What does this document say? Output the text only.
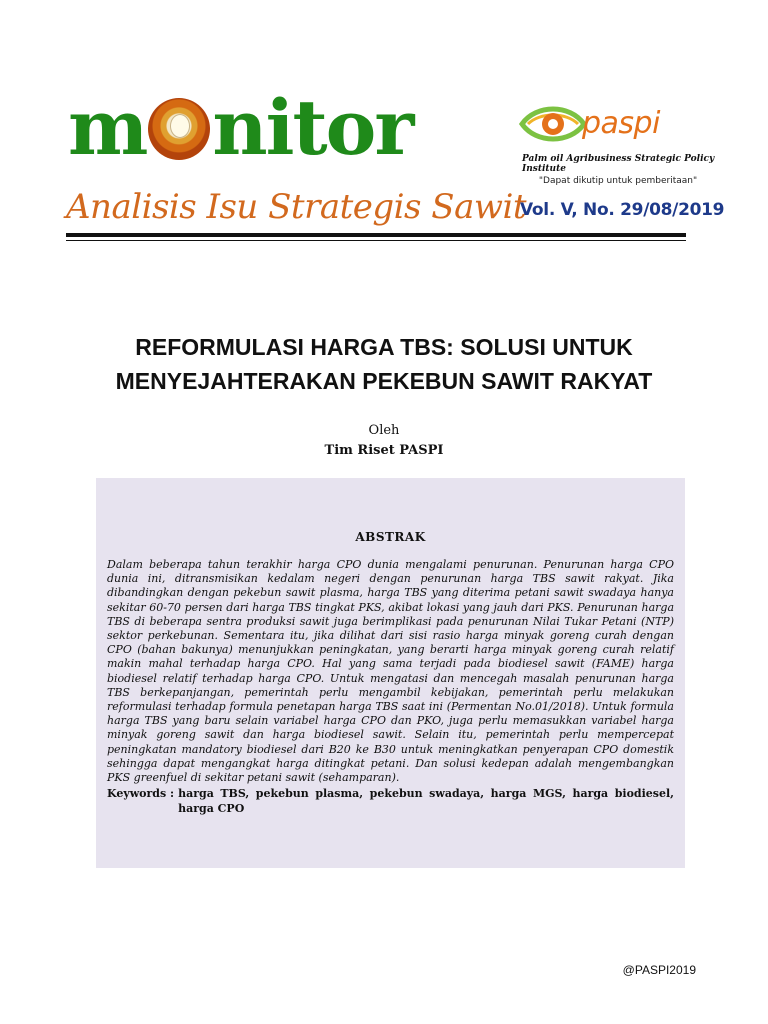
m nitor	paspi
Palm oil Agribusiness Strategic Policy Institute
"Dapat dikutip untuk pemberitaan"
Analisis Isu Strategis Sawit
Vol. V, No. 29/08/2019
REFORMULASI HARGA TBS: SOLUSI UNTUK MENYEJAHTERAKAN PEKEBUN SAWIT RAKYAT
Oleh
Tim Riset PASPI
ABSTRAK

Dalam beberapa tahun terakhir harga CPO dunia mengalami penurunan. Penurunan harga CPO dunia ini, ditransmisikan kedalam negeri dengan penurunan harga TBS sawit rakyat. Jika dibandingkan dengan pekebun sawit plasma, harga TBS yang diterima petani sawit swadaya hanya sekitar 60-70 persen dari harga TBS tingkat PKS, akibat lokasi yang jauh dari PKS. Penurunan harga TBS di beberapa sentra produksi sawit juga berimplikasi pada penurunan Nilai Tukar Petani (NTP) sektor perkebunan. Sementara itu, jika dilihat dari sisi rasio harga minyak goreng curah dengan CPO (bahan bakunya) menunjukkan peningkatan, yang berarti harga minyak goreng curah relatif makin mahal terhadap harga CPO. Hal yang sama terjadi pada biodiesel sawit (FAME) harga biodiesel relatif terhadap harga CPO. Untuk mengatasi dan mencegah masalah penurunan harga TBS berkepanjangan, pemerintah perlu mengambil kebijakan, pemerintah perlu melakukan reformulasi terhadap formula penetapan harga TBS saat ini (Permentan No.01/2018). Untuk formula harga TBS yang baru selain variabel harga CPO dan PKO, juga perlu memasukkan variabel harga minyak goreng sawit dan harga biodiesel sawit. Selain itu, pemerintah perlu mempercepat peningkatan mandatory biodiesel dari B20 ke B30 untuk meningkatkan penyerapan CPO domestik sehingga dapat mengangkat harga ditingkat petani. Dan solusi kedepan adalah mengembangkan PKS greenfuel di sekitar petani sawit (sehamparan).

Keywords : harga TBS, pekebun plasma, pekebun swadaya, harga MGS, harga biodiesel, harga CPO
@PASPI2019
